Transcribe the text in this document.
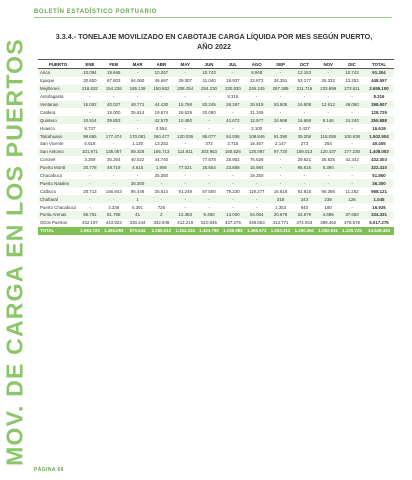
BOLETÍN ESTADÍSTICO PORTUARIO
MOV. DE CARGA EN LOS PUERTOS
3.3.4.- TONELAJE MOVILIZADO EN CABOTAJE CARGA LÍQUIDA POR MES SEGÚN PUERTO,
AÑO 2022
PUERTO	ENE	FEB	MAR	ABR	MAY	JUN	JUL	AGO	SEP	OCT	NOV	DIC	TOTAL
Arica	10.094	19.666	-	10.267	-	10.743	-	6.948	-	12.153	-	10.742	91.304
Iquique	30.600	67.803	64.060	46.667	29.307	41.040	19.937	22.872	34.351	53.177	26.332	13.252	448.557
Mejillones	218.832	154.226	185.139	150.652	208.254	254.230	230.530	246.245	287.389	211.716	233.899	273.611	2.655.100
Antofagasta	-	-	-	-	-	-	8.316	-	-	-	-	-	8.316
Ventanas	15.002	40.027	48.771	44.430	15.768	83.245	26.267	26.819	53.505	16.508	12.912	49.060	398.607
Caldera	-	15.000	25.614	19.874	26.629	20.090	-	21.349	-	-	-	-	128.729
Quintero	10.914	39.853	-	42.570	10.450	-	42.672	12.977	24.968	16.659	9.146	24.240	255.888
Huasco	8.737	-	-	2.554	-	-	-	2.100	-	2.427	-	-	16.619
Talcahuano	99.665	177.474	170.081	260.477	120.036	95.077	84.936	108.846	91.390	35.208	118.099	100.638	1.502.904
San Vicente	5.618	-	1.130	13.252	-	372	2.715	16.467	2.147	273	254	-	40.405
San Antonio	101.971	135.057	59.328	165.713	114.811	203.953	165.526	125.087	97.720	159.013	120.437	177.230	1.408.003
Coronel	3.269	30.264	40.522	44.740	-	77.878	26.902	76.526	-	29.621	26.835	42.342	432.303
Puerto Montt	20.778	49.719	4.615	1.906	77.021	25.654	23.858	15.984	-	95.616	5.390	-	322.410
Chacabuco	-	-	-	25.350	-	-	-	19.250	-	-	-	-	51.850
Puerto Natales	-	-	36.300	-	-	-	-	-	-	-	-	-	36.300
Calbuco	28.713	166.843	95.448	35.614	91.249	87.500	79.230	119.277	16.818	92.916	90.356	11.262	988.121
Chañaral	-	-	1	-	-	-	-	-	318	243	239	126	1.045
Puerto Chacabuco	-	3.336	5.391	726	-	-	-	-	1.353	940	180	-	16.926
Punta Arenas	65.791	81.798	41	2	12.383	9.490	14.000	54.064	20.679	32.679	4.695	37.650	334.331
Otros Puertos	432.197	443.923	330.244	332.949	412.219	510.845	437.275	448.663	413.771	474.943	399.462	478.678	5.017.276
TOTAL	1.063.723	1.494.093	970.534	1.265.512	1.152.315	1.424.790	1.158.985	1.356.973	1.053.312	1.250.361	1.092.931	1.226.725	14.549.453
PÁGINA 66
